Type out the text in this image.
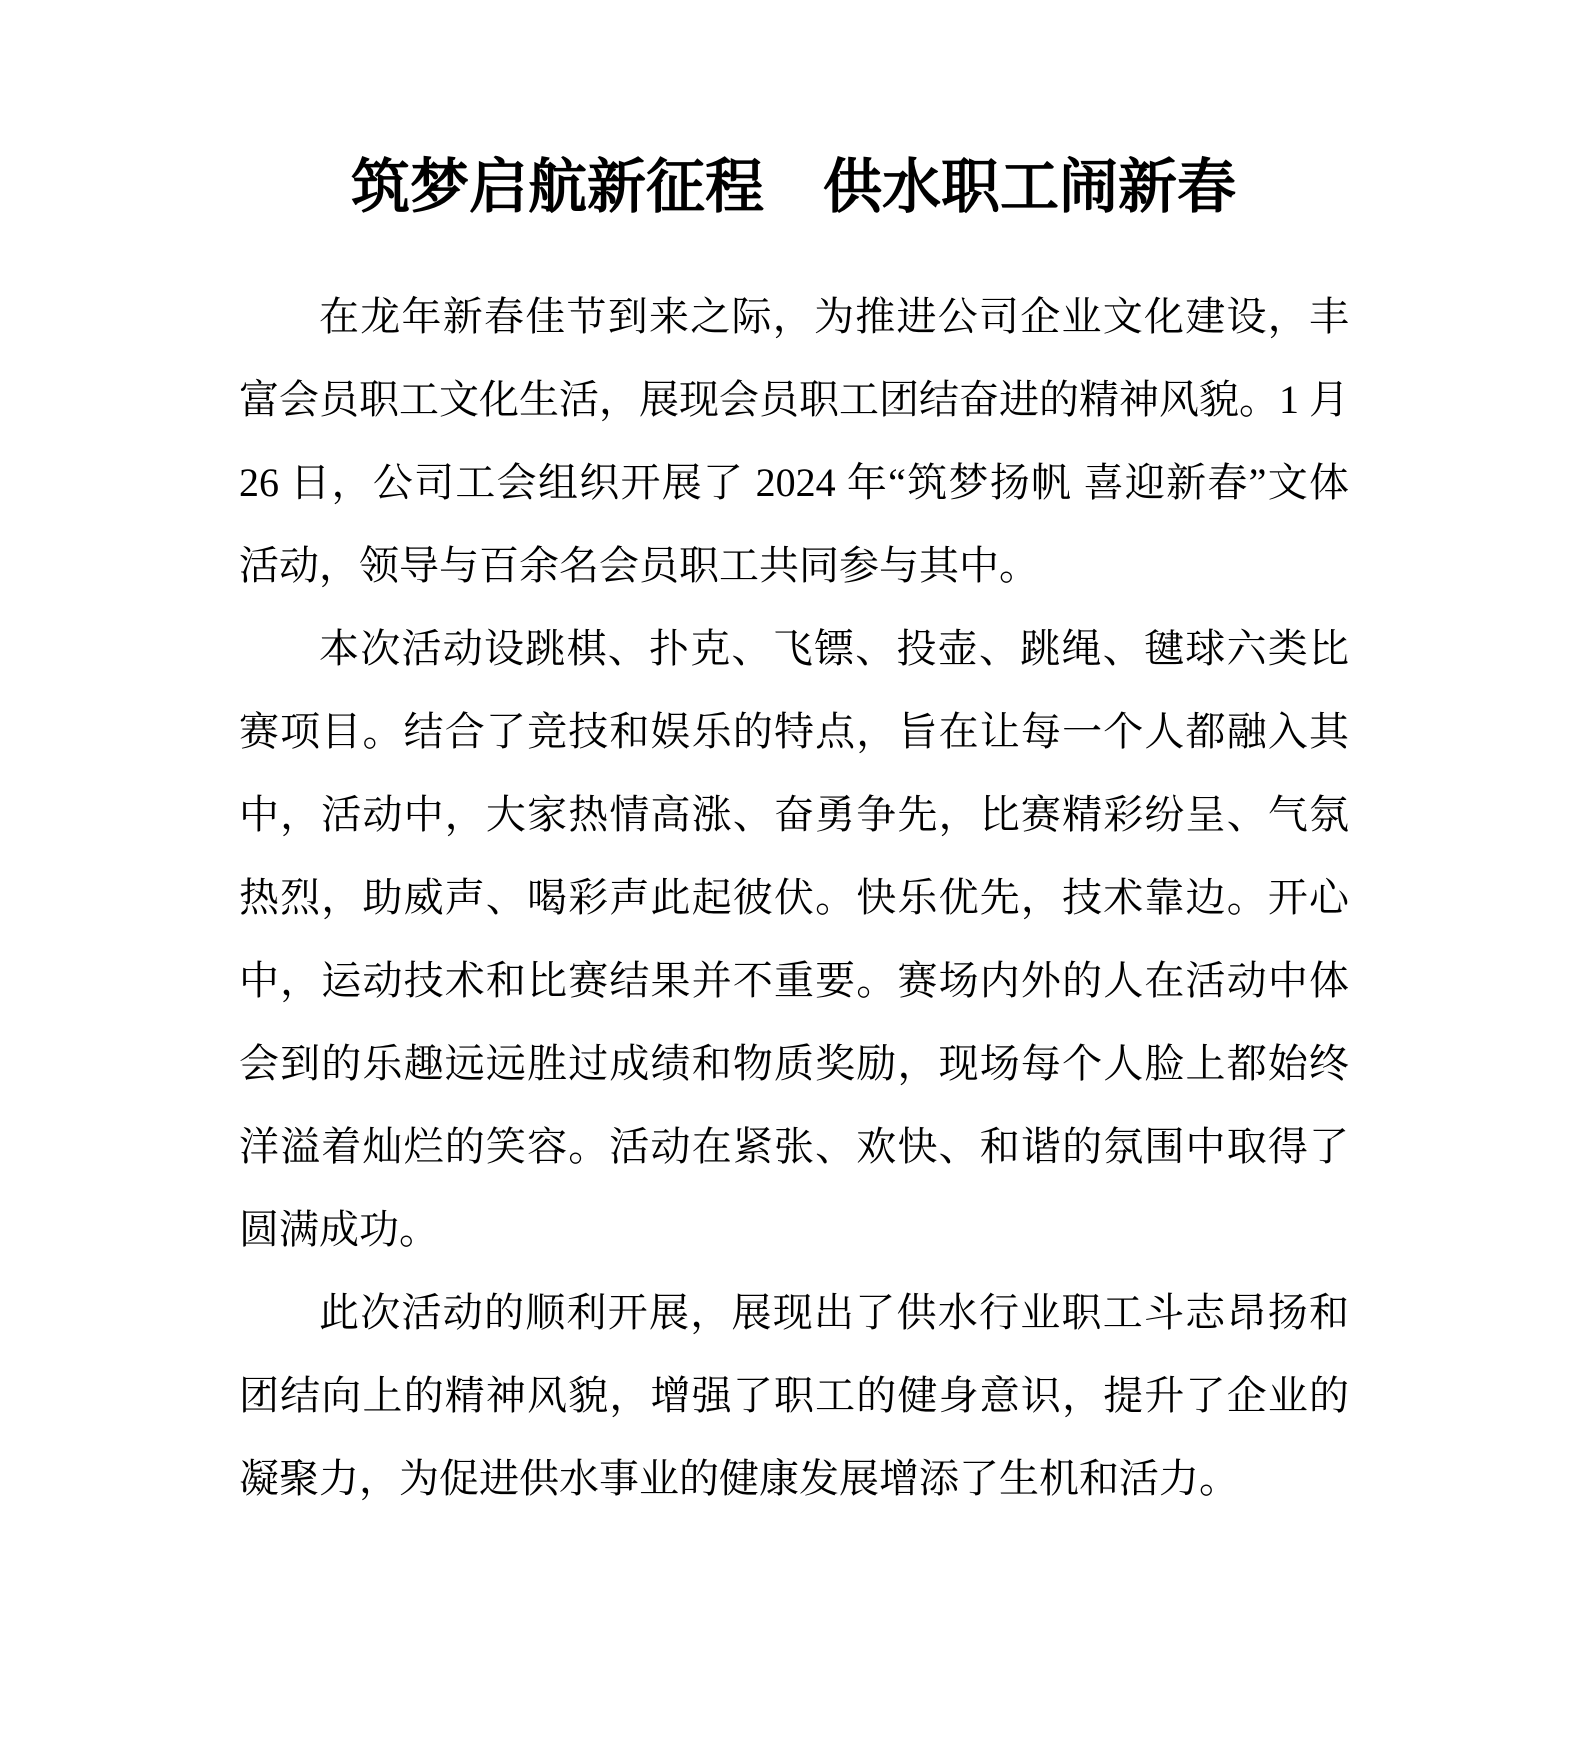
筑梦启航新征程　供水职工闹新春

在龙年新春佳节到来之际，为推进公司企业文化建设，丰富会员职工文化生活，展现会员职工团结奋进的精神风貌。1 月 26 日，公司工会组织开展了 2024 年“筑梦扬帆 喜迎新春”文体活动，领导与百余名会员职工共同参与其中。

本次活动设跳棋、扑克、飞镖、投壶、跳绳、毽球六类比赛项目。结合了竞技和娱乐的特点，旨在让每一个人都融入其中，活动中，大家热情高涨、奋勇争先，比赛精彩纷呈、气氛热烈，助威声、喝彩声此起彼伏。快乐优先，技术靠边。开心中，运动技术和比赛结果并不重要。赛场内外的人在活动中体会到的乐趣远远胜过成绩和物质奖励，现场每个人脸上都始终洋溢着灿烂的笑容。活动在紧张、欢快、和谐的氛围中取得了圆满成功。

此次活动的顺利开展，展现出了供水行业职工斗志昂扬和团结向上的精神风貌，增强了职工的健身意识，提升了企业的凝聚力，为促进供水事业的健康发展增添了生机和活力。
